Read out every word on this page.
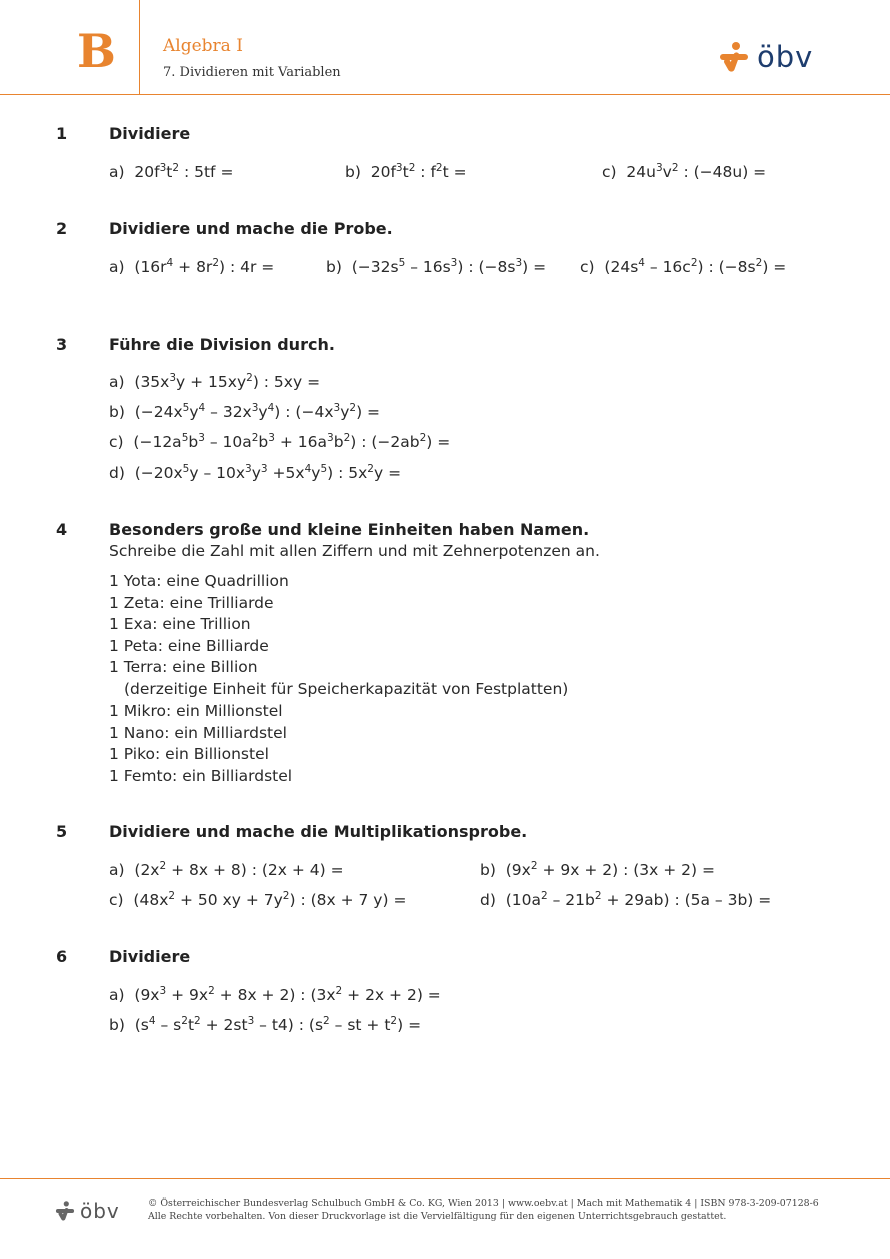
B	Algebra I
7. Dividieren mit Variablen	öbv
1	Dividiere
a)  $20f^3t^2$ : 5tf =	b)  $20f^3t^2$ : $f^2t$ =	c)  $24u^3v^2$ : (−48u) =
2	Dividiere und mache die Probe.
a)  $(16r^4 + 8r^2)$ : 4r =	b)  $(-32s^5 - 16s^3)$ : $(-8s^3) = c$)  $(24s^4 - 16c^2)$ : $(-8s^2)$ =
3	Führe die Division durch.
a)  $(35x^3y + 15xy^2)$ : 5xy =
b)  $(-24x^5y^4 - 32x^3y^4)$ : $(-4x^3y^2)$ =
c)  $(-12a^5b^3 - 10a^2b^3 + 16a^3b^2)$ : $(-2ab^2)$ =
d)  $(-20x^5y - 10x^3y^3 +5x^4y^5)$ : $5x^2y$ =
4	Besonders große und kleine Einheiten haben Namen.
Schreibe die Zahl mit allen Ziffern und mit Zehnerpotenzen an.
1 Yota: eine Quadrillion
1 Zeta: eine Trilliarde
1 Exa: eine Trillion
1 Peta: eine Billiarde
1 Terra: eine Billion
(derzeitige Einheit für Speicherkapazität von Festplatten)
1 Mikro: ein Millionstel
1 Nano: ein Milliardstel
1 Piko: ein Billionstel
1 Femto: ein Billiardstel
5	Dividiere und mache die Multiplikationsprobe.
a)  $(2x^2 + 8x + 8)$ : (2x + 4) =	b)  $(9x^2 + 9x + 2)$ : (3x + 2) =
c)  ($48x^2 + 50$ xy + $7y^2$) : (8x + 7 y) =	d)  $(10a^2 - 21b^2 + 29ab)$ : (5a – 3b) =
6	Dividiere
a)  $(9x^3 + 9x^2 + 8x + 2)$ : $(3x^2 + 2x + 2)$ =
b)  $(s^4 - s^2t^2 + 2st^3 - t4)$ : ($s^2$ – st + $t^2$) =
öbv	© Österreichischer Bundesverlag Schulbuch GmbH & Co. KG, Wien 2013 | www.oebv.at | Mach mit Mathematik 4 | ISBN 978-3-209-07128-6
Alle Rechte vorbehalten. Von dieser Druckvorlage ist die Vervielfältigung für den eigenen Unterrichtsgebrauch gestattet.
